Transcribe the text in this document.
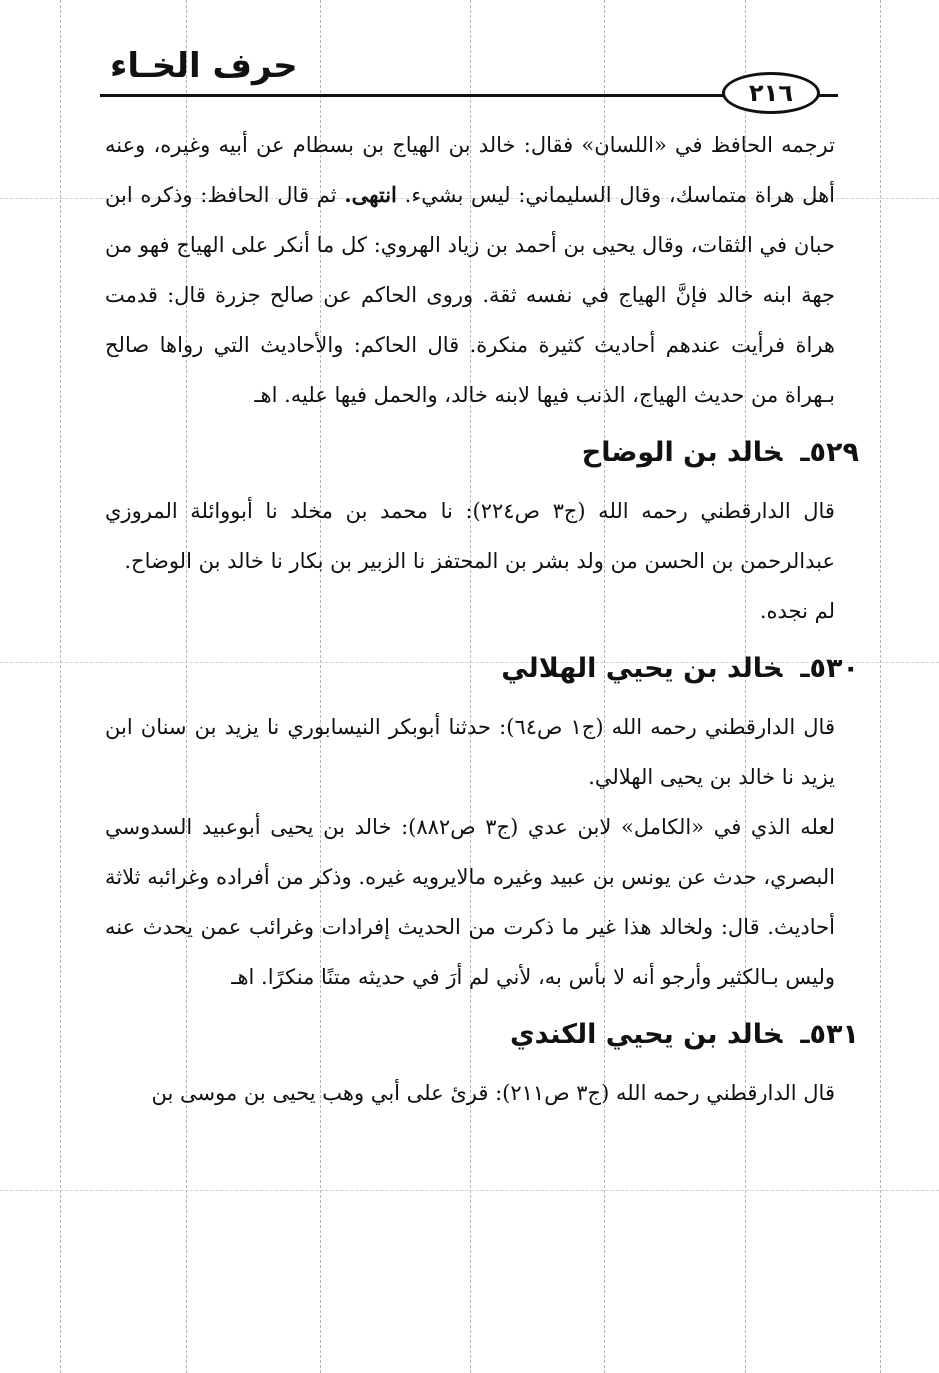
حرف الخـاء
٢١٦

ترجمه الحافظ في «اللسان» فقال: خالد بن الهياج بن بسطام عن أبيه وغيره، وعنه أهل هراة متماسك، وقال السليماني: ليس بشيء. انتهى. ثم قال الحافظ: وذكره ابن حبان في الثقات، وقال يحيى بن أحمد بن زياد الهروي: كل ما أنكر على الهياج فهو من جهة ابنه خالد فإنَّ الهياج في نفسه ثقة. وروى الحاكم عن صالح جزرة قال: قدمت هراة فرأيت عندهم أحاديث كثيرة منكرة. قال الحاكم: والأحاديث التي رواها صالح بـهراة من حديث الهياج، الذنب فيها لابنه خالد، والحمل فيها عليه. اهـ

٥٢٩ـخالد بن الوضاح

قال الدارقطني رحمه الله (ج٣ ص٢٢٤): نا محمد بن مخلد نا أبووائلة المروزي عبدالرحمن بن الحسن من ولد بشر بن المحتفز نا الزبير بن بكار نا خالد بن الوضاح.

لم نجده.

٥٣٠ـخالد بن يحيي الهلالي

قال الدارقطني رحمه الله (ج١ ص٦٤): حدثنا أبوبكر النيسابوري نا يزيد بن سنان ابن يزيد نا خالد بن يحيى الهلالي.

لعله الذي في «الكامل» لابن عدي (ج٣ ص٨٨٢): خالد بن يحيى أبوعبيد السدوسي البصري، حدث عن يونس بن عبيد وغيره مالايرويه غيره. وذكر من أفراده وغرائبه ثلاثة أحاديث. قال: ولخالد هذا غير ما ذكرت من الحديث إفرادات وغرائب عمن يحدث عنه وليس بـالكثير وأرجو أنه لا بأس به، لأني لم أرَ في حديثه متنًا منكرًا. اهـ

٥٣١ـخالد بن يحيي الكندي

قال الدارقطني رحمه الله (ج٣ ص٢١١): قرئ على أبي وهب يحيى بن موسى بن
